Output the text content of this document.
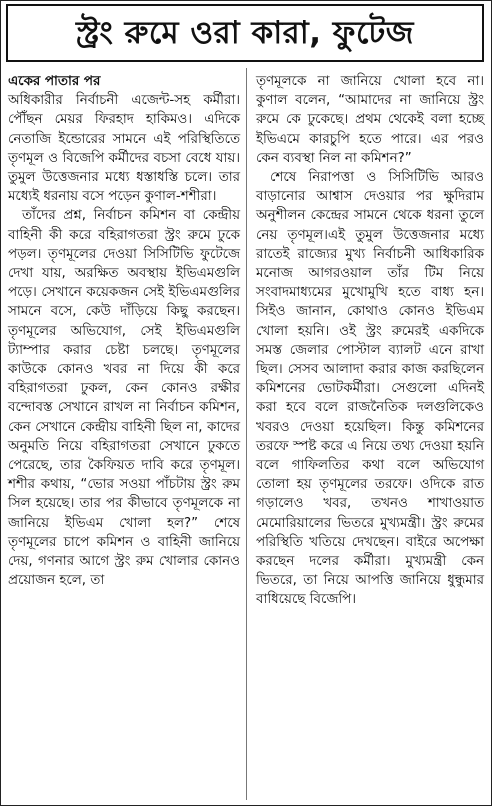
স্ট্রং রুমে ওরা কারা, ফুটেজ

একের পাতার পর

অধিকারীর নির্বাচনী এজেন্ট-সহ কর্মীরা। পৌঁছন মেয়র ফিরহাদ হাকিমও। এদিকে নেতাজি ইন্ডোরের সামনে এই পরিস্থিতিতে তৃণমূল ও বিজেপি কর্মীদের বচসা বেধে যায়। তুমুল উত্তেজনার মধ্যে ধস্তাধস্তি চলে। তার মধ্যেই ধরনায় বসে পড়েন কুণাল-শশীরা।

তাঁদের প্রশ্ন, নির্বাচন কমিশন বা কেন্দ্রীয় বাহিনী কী করে বহিরাগতরা স্ট্রং রুমে ঢুকে পড়ল। তৃণমূলের দেওয়া সিসিটিভি ফুটেজে দেখা যায়, অরক্ষিত অবস্থায় ইভিএমগুলি পড়ে। সেখানে কয়েকজন সেই ইভিএমগুলির সামনে বসে, কেউ দাঁড়িয়ে কিছু করছেন। তৃণমূলের অভিযোগ, সেই ইভিএমগুলি ট্যাম্পার করার চেষ্টা চলছে। তৃণমূলের কাউকে কোনও খবর না দিয়ে কী করে বহিরাগতরা ঢুকল, কেন কোনও রক্ষীর বন্দোবস্ত সেখানে রাখল না নির্বাচন কমিশন, কেন সেখানে কেন্দ্রীয় বাহিনী ছিল না, কাদের অনুমতি নিয়ে বহিরাগতরা সেখানে ঢুকতে পেরেছে, তার কৈফিয়ত দাবি করে তৃণমূল। শশীর কথায়, “ভোর সওয়া পাঁচটায় স্ট্রং রুম সিল হয়েছে। তার পর কীভাবে তৃণমূলকে না জানিয়ে ইভিএম খোলা হল?” শেষে তৃণমূলের চাপে কমিশন ও বাহিনী জানিয়ে দেয়, গণনার আগে স্ট্রং রুম খোলার কোনও প্রয়োজন হলে, তা

তৃণমূলকে না জানিয়ে খোলা হবে না। কুণাল বলেন, “আমাদের না জানিয়ে স্ট্রং রুমে কে ঢুকেছে। প্রথম থেকেই বলা হচ্ছে ইভিএমে কারচুপি হতে পারে। এর পরও কেন ব্যবস্থা নিল না কমিশন?”

শেষে নিরাপত্তা ও সিসিটিভি আরও বাড়ানোর আশ্বাস দেওয়ার পর ক্ষুদিরাম অনুশীলন কেন্দ্রের সামনে থেকে ধরনা তুলে নেয় তৃণমূল।এই তুমুল উত্তেজনার মধ্যে রাতেই রাজ্যের মুখ্য নির্বাচনী আধিকারিক মনোজ আগরওয়াল তাঁর টিম নিয়ে সংবাদমাধ্যমের মুখোমুখি হতে বাধ্য হন। সিইও জানান, কোথাও কোনও ইভিএম খোলা হয়নি। ওই স্ট্রং রুমেরই একদিকে সমস্ত জেলার পোস্টাল ব্যালট এনে রাখা ছিল। সেসব আলাদা করার কাজ করছিলেন কমিশনের ভোটকর্মীরা। সেগুলো এদিনই করা হবে বলে রাজনৈতিক দলগুলিকেও খবরও দেওয়া হয়েছিল। কিন্তু কমিশনের তরফে স্পষ্ট করে এ নিয়ে তথ্য দেওয়া হয়নি বলে গাফিলতির কথা বলে অভিযোগ তোলা হয় তৃণমূলের তরফে। ওদিকে রাত গড়ালেও খবর, তখনও শাখাওয়াত মেমোরিয়ালের ভিতরে মুখ্যমন্ত্রী। স্ট্রং রুমের পরিস্থিতি খতিয়ে দেখছেন। বাইরে অপেক্ষা করছেন দলের কর্মীরা। মুখ্যমন্ত্রী কেন ভিতরে, তা নিয়ে আপত্তি জানিয়ে ধুন্ধুমার বাধিয়েছে বিজেপি।
